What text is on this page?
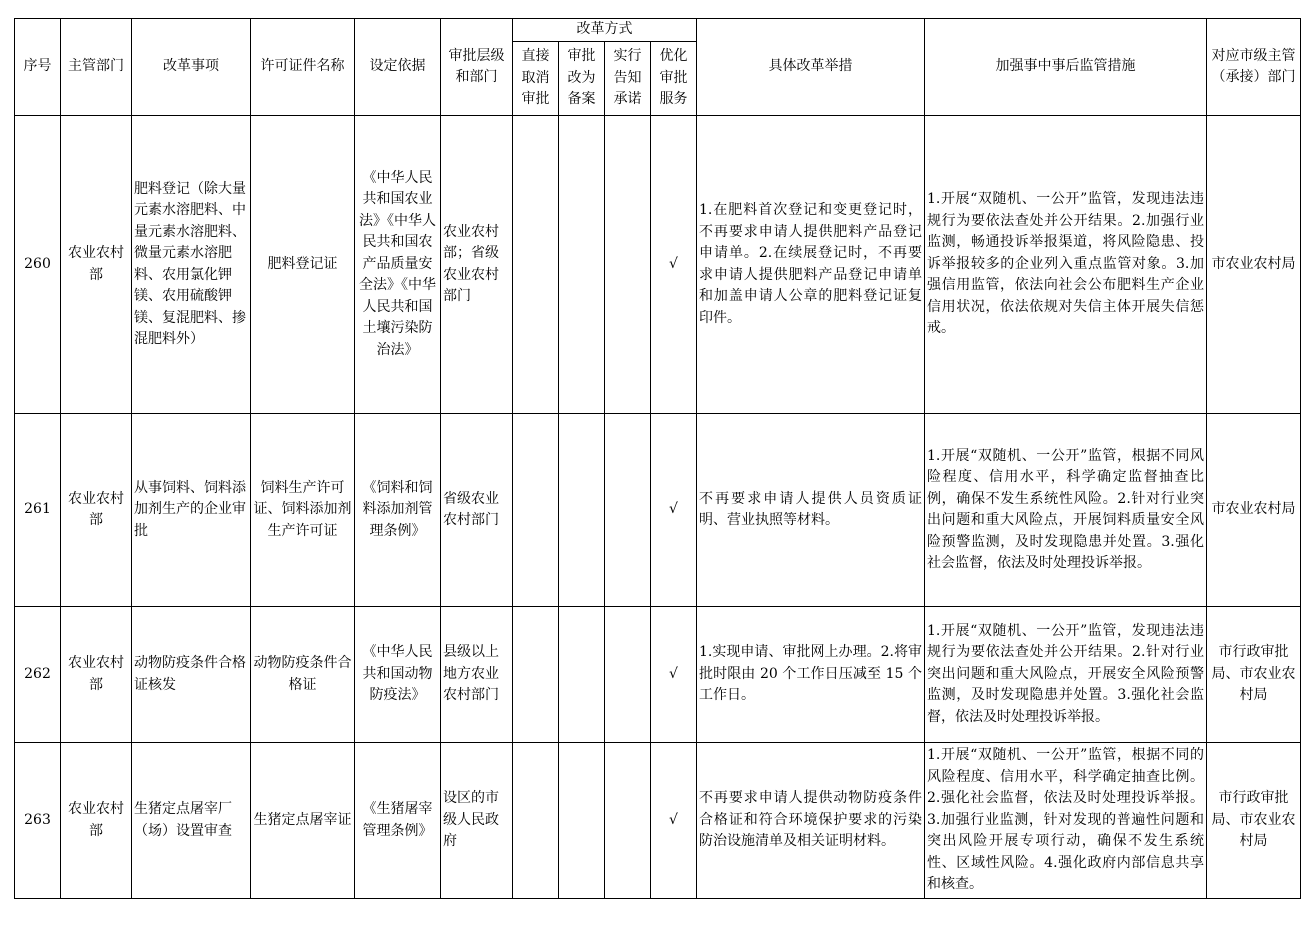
序号	主管部门	改革事项	许可证件名称	设定依据	审批层级和部门	改革方式				具体改革举措	加强事中事后监管措施	对应市级主管（承接）部门
						直接取消审批	审批改为备案	实行告知承诺	优化审批服务			
260	农业农村部	肥料登记（除大量元素水溶肥料、中量元素水溶肥料、微量元素水溶肥料、农用氯化钾镁、农用硫酸钾镁、复混肥料、掺混肥料外）	肥料登记证	《中华人民共和国农业法》《中华人民共和国农产品质量安全法》《中华人民共和国土壤污染防治法》	农业农村部；省级农业农村部门				√	1.在肥料首次登记和变更登记时，不再要求申请人提供肥料产品登记申请单。2.在续展登记时，不再要求申请人提供肥料产品登记申请单和加盖申请人公章的肥料登记证复印件。	1.开展“双随机、一公开”监管，发现违法违规行为要依法查处并公开结果。2.加强行业监测，畅通投诉举报渠道，将风险隐患、投诉举报较多的企业列入重点监管对象。3.加强信用监管，依法向社会公布肥料生产企业信用状况，依法依规对失信主体开展失信惩戒。	市农业农村局
261	农业农村部	从事饲料、饲料添加剂生产的企业审批	饲料生产许可证、饲料添加剂生产许可证	《饲料和饲料添加剂管理条例》	省级农业农村部门				√	不再要求申请人提供人员资质证明、营业执照等材料。	1.开展“双随机、一公开”监管，根据不同风险程度、信用水平，科学确定监督抽查比例，确保不发生系统性风险。2.针对行业突出问题和重大风险点，开展饲料质量安全风险预警监测，及时发现隐患并处置。3.强化社会监督，依法及时处理投诉举报。	市农业农村局
262	农业农村部	动物防疫条件合格证核发	动物防疫条件合格证	《中华人民共和国动物防疫法》	县级以上地方农业农村部门				√	1.实现申请、审批网上办理。2.将审批时限由 20 个工作日压减至 15 个工作日。	1.开展“双随机、一公开”监管，发现违法违规行为要依法查处并公开结果。2.针对行业突出问题和重大风险点，开展安全风险预警监测，及时发现隐患并处置。3.强化社会监督，依法及时处理投诉举报。	市行政审批局、市农业农村局
263	农业农村部	生猪定点屠宰厂（场）设置审查	生猪定点屠宰证	《生猪屠宰管理条例》	设区的市级人民政府				√	不再要求申请人提供动物防疫条件合格证和符合环境保护要求的污染防治设施清单及相关证明材料。	1.开展“双随机、一公开”监管，根据不同的风险程度、信用水平，科学确定抽查比例。2.强化社会监督，依法及时处理投诉举报。3.加强行业监测，针对发现的普遍性问题和突出风险开展专项行动，确保不发生系统性、区域性风险。4.强化政府内部信息共享和核查。	市行政审批局、市农业农村局
